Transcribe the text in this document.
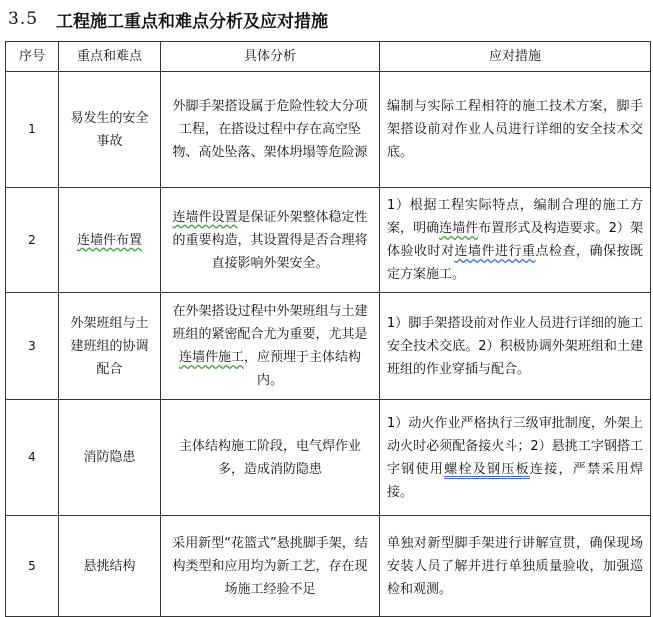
3.5 工程施工重点和难点分析及应对措施
序号	重点和难点	具体分析	应对措施
1	易发生的安全事故	外脚手架搭设属于危险性较大分项工程，在搭设过程中存在高空坠物、高处坠落、架体坍塌等危险源	编制与实际工程相符的施工技术方案，脚手架搭设前对作业人员进行详细的安全技术交底。
2	连墙件布置	连墙件设置是保证外架整体稳定性的重要构造，其设置得是否合理将直接影响外架安全。	1）根据工程实际特点，编制合理的施工方案，明确连墙件布置形式及构造要求。2）架体验收时对连墙件进行重点检查，确保按既定方案施工。
3	外架班组与土建班组的协调配合	在外架搭设过程中外架班组与土建班组的紧密配合尤为重要，尤其是连墙件施工，应预埋于主体结构内。	1）脚手架搭设前对作业人员进行详细的施工安全技术交底。2）积极协调外架班组和土建班组的作业穿插与配合。
4	消防隐患	主体结构施工阶段，电气焊作业多，造成消防隐患	1）动火作业严格执行三级审批制度，外架上动火时必须配备接火斗；2）悬挑工字钢搭工字钢使用螺栓及钢压板连接，严禁采用焊接。
5	悬挑结构	采用新型“花篮式”悬挑脚手架，结构类型和应用均为新工艺，存在现场施工经验不足	单独对新型脚手架进行讲解宣贯，确保现场安装人员了解并进行单独质量验收，加强巡检和观测。
